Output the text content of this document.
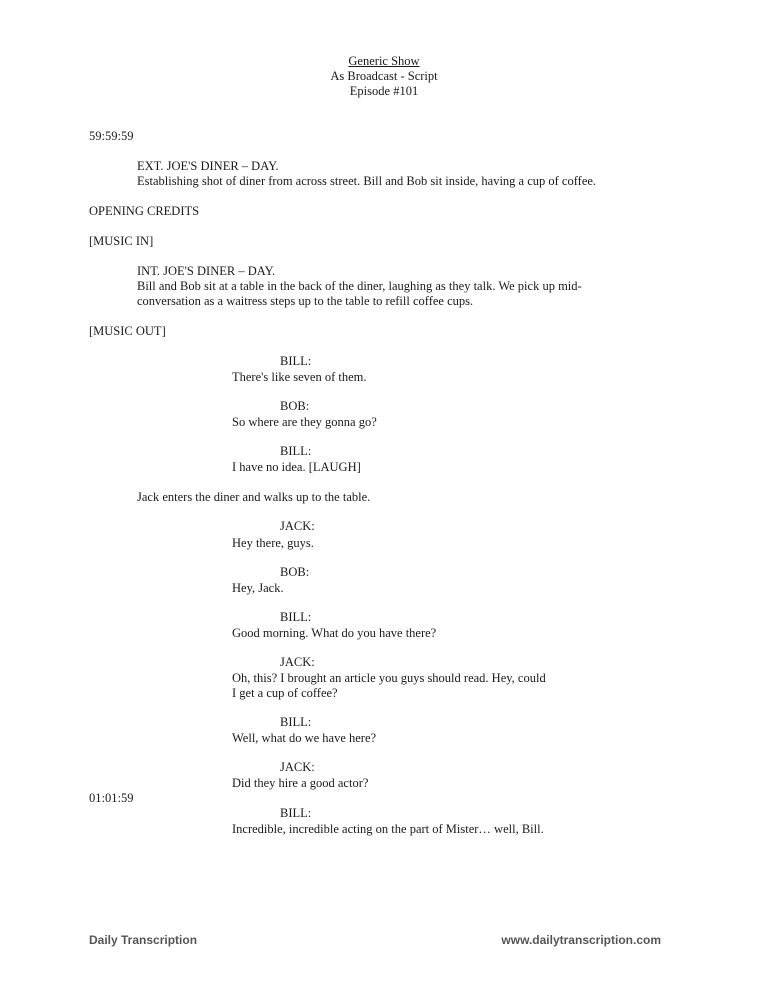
Generic Show
As Broadcast - Script
Episode #101
59:59:59
EXT. JOE'S DINER – DAY.
Establishing shot of diner from across street. Bill and Bob sit inside, having a cup of coffee.
OPENING CREDITS
[MUSIC IN]
INT. JOE'S DINER – DAY.
Bill and Bob sit at a table in the back of the diner, laughing as they talk. We pick up mid-
conversation as a waitress steps up to the table to refill coffee cups.
[MUSIC OUT]
BILL:
There's like seven of them.
BOB:
So where are they gonna go?
BILL:
I have no idea. [LAUGH]
Jack enters the diner and walks up to the table.
JACK:
Hey there, guys.
BOB:
Hey, Jack.
BILL:
Good morning. What do you have there?
JACK:
Oh, this? I brought an article you guys should read. Hey, could
I get a cup of coffee?
BILL:
Well, what do we have here?
JACK:
Did they hire a good actor?
01:01:59
BILL:
Incredible, incredible acting on the part of Mister… well, Bill.
Daily Transcription	www.dailytranscription.com
